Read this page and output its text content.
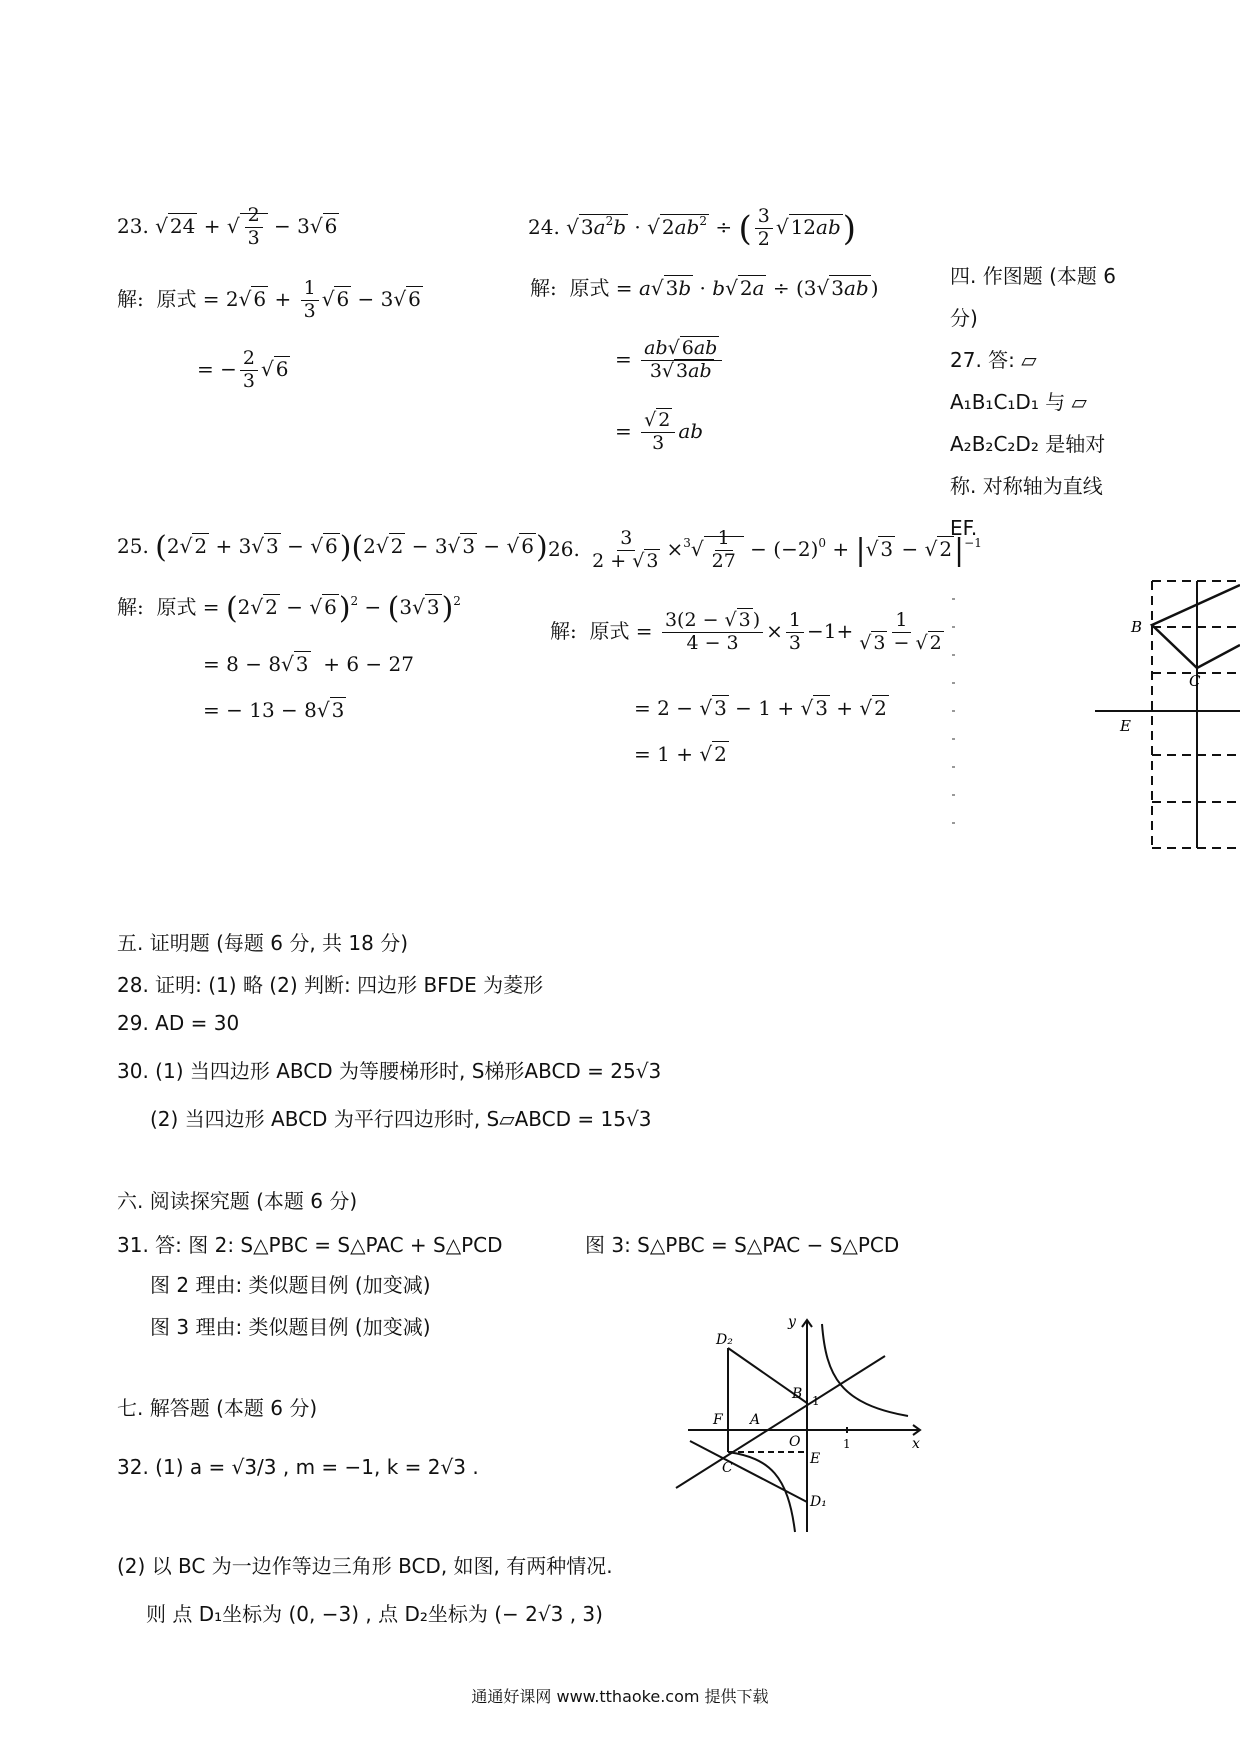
23. √ 24 + √ $\frac{2}{3} - 3√$ 6
解:  原式 = 2√ $6 + \frac{1}{3}$ √ 6 − 3√ 6
= − $\frac{2}{3}$ √ 6
24. √ $3a^2b$ · √ $2ab^2$ ÷ ( $\frac{3}{2}$ √ 12ab)
解:  原式 = a√ 3b · b√ 2a ÷ (3√ 3ab )
= $\frac{ab√ 6ab}{3√ 3ab}$
= $\frac{√ 2}{3}$ ab
四. 作图题 (本题 6
分)
27. 答: ▱
A₁B₁C₁D₁ 与 ▱
A₂B₂C₂D₂ 是轴对
称. 对称轴为直线
EF.
B
C
E
25. (2√ 2 + 3√ 3 − √ 6)(2√ 2 − 3√ 3 − √ 6)
解:  原式 = (2√ 2 − √ 6)$^2$ − (3√ 3)$^2$
= 8 − 8√ 3  + 6 − 27
= − 13 − 8√ 3
26. $\frac{3}{2 + √ 3} \times^3√ \frac{1}{27} - (-2)^0$ + |√ 3 − √ $2|^{-1}$
解:  原式 = $\frac{3(2 - √ 3 )}{4 - 3} \times \frac{1}{3} -1+ \frac{1}{√ 3 - √ 2}$
= 2 − √ 3 − 1 + √ 3 + √ 2
= 1 + √ 2
五. 证明题 (每题 6 分, 共 18 分)
28. 证明: (1) 略 (2) 判断: 四边形 BFDE 为菱形
29. AD = 30
30. (1) 当四边形 ABCD 为等腰梯形时, S梯形ABCD = 25√3
(2) 当四边形 ABCD 为平行四边形时, S▱ABCD = 15√3
六. 阅读探究题 (本题 6 分)
31. 答: 图 2: S△PBC = S△PAC + S△PCD	图 3: S△PBC = S△PAC − S△PCD
图 2 理由: 类似题目例 (加变减)
图 3 理由: 类似题目例 (加变减)
七. 解答题 (本题 6 分)
32. (1) a = √3/3 , m = −1, k = 2√3 .
(2) 以 BC 为一边作等边三角形 BCD, 如图, 有两种情况.
则 点 D₁坐标为 (0, −3) , 点 D₂坐标为 (− 2√3 , 3)
y
x
D₂
B
F A
O
E
C
D₁
1
1
通通好课网 www.tthaoke.com 提供下载
